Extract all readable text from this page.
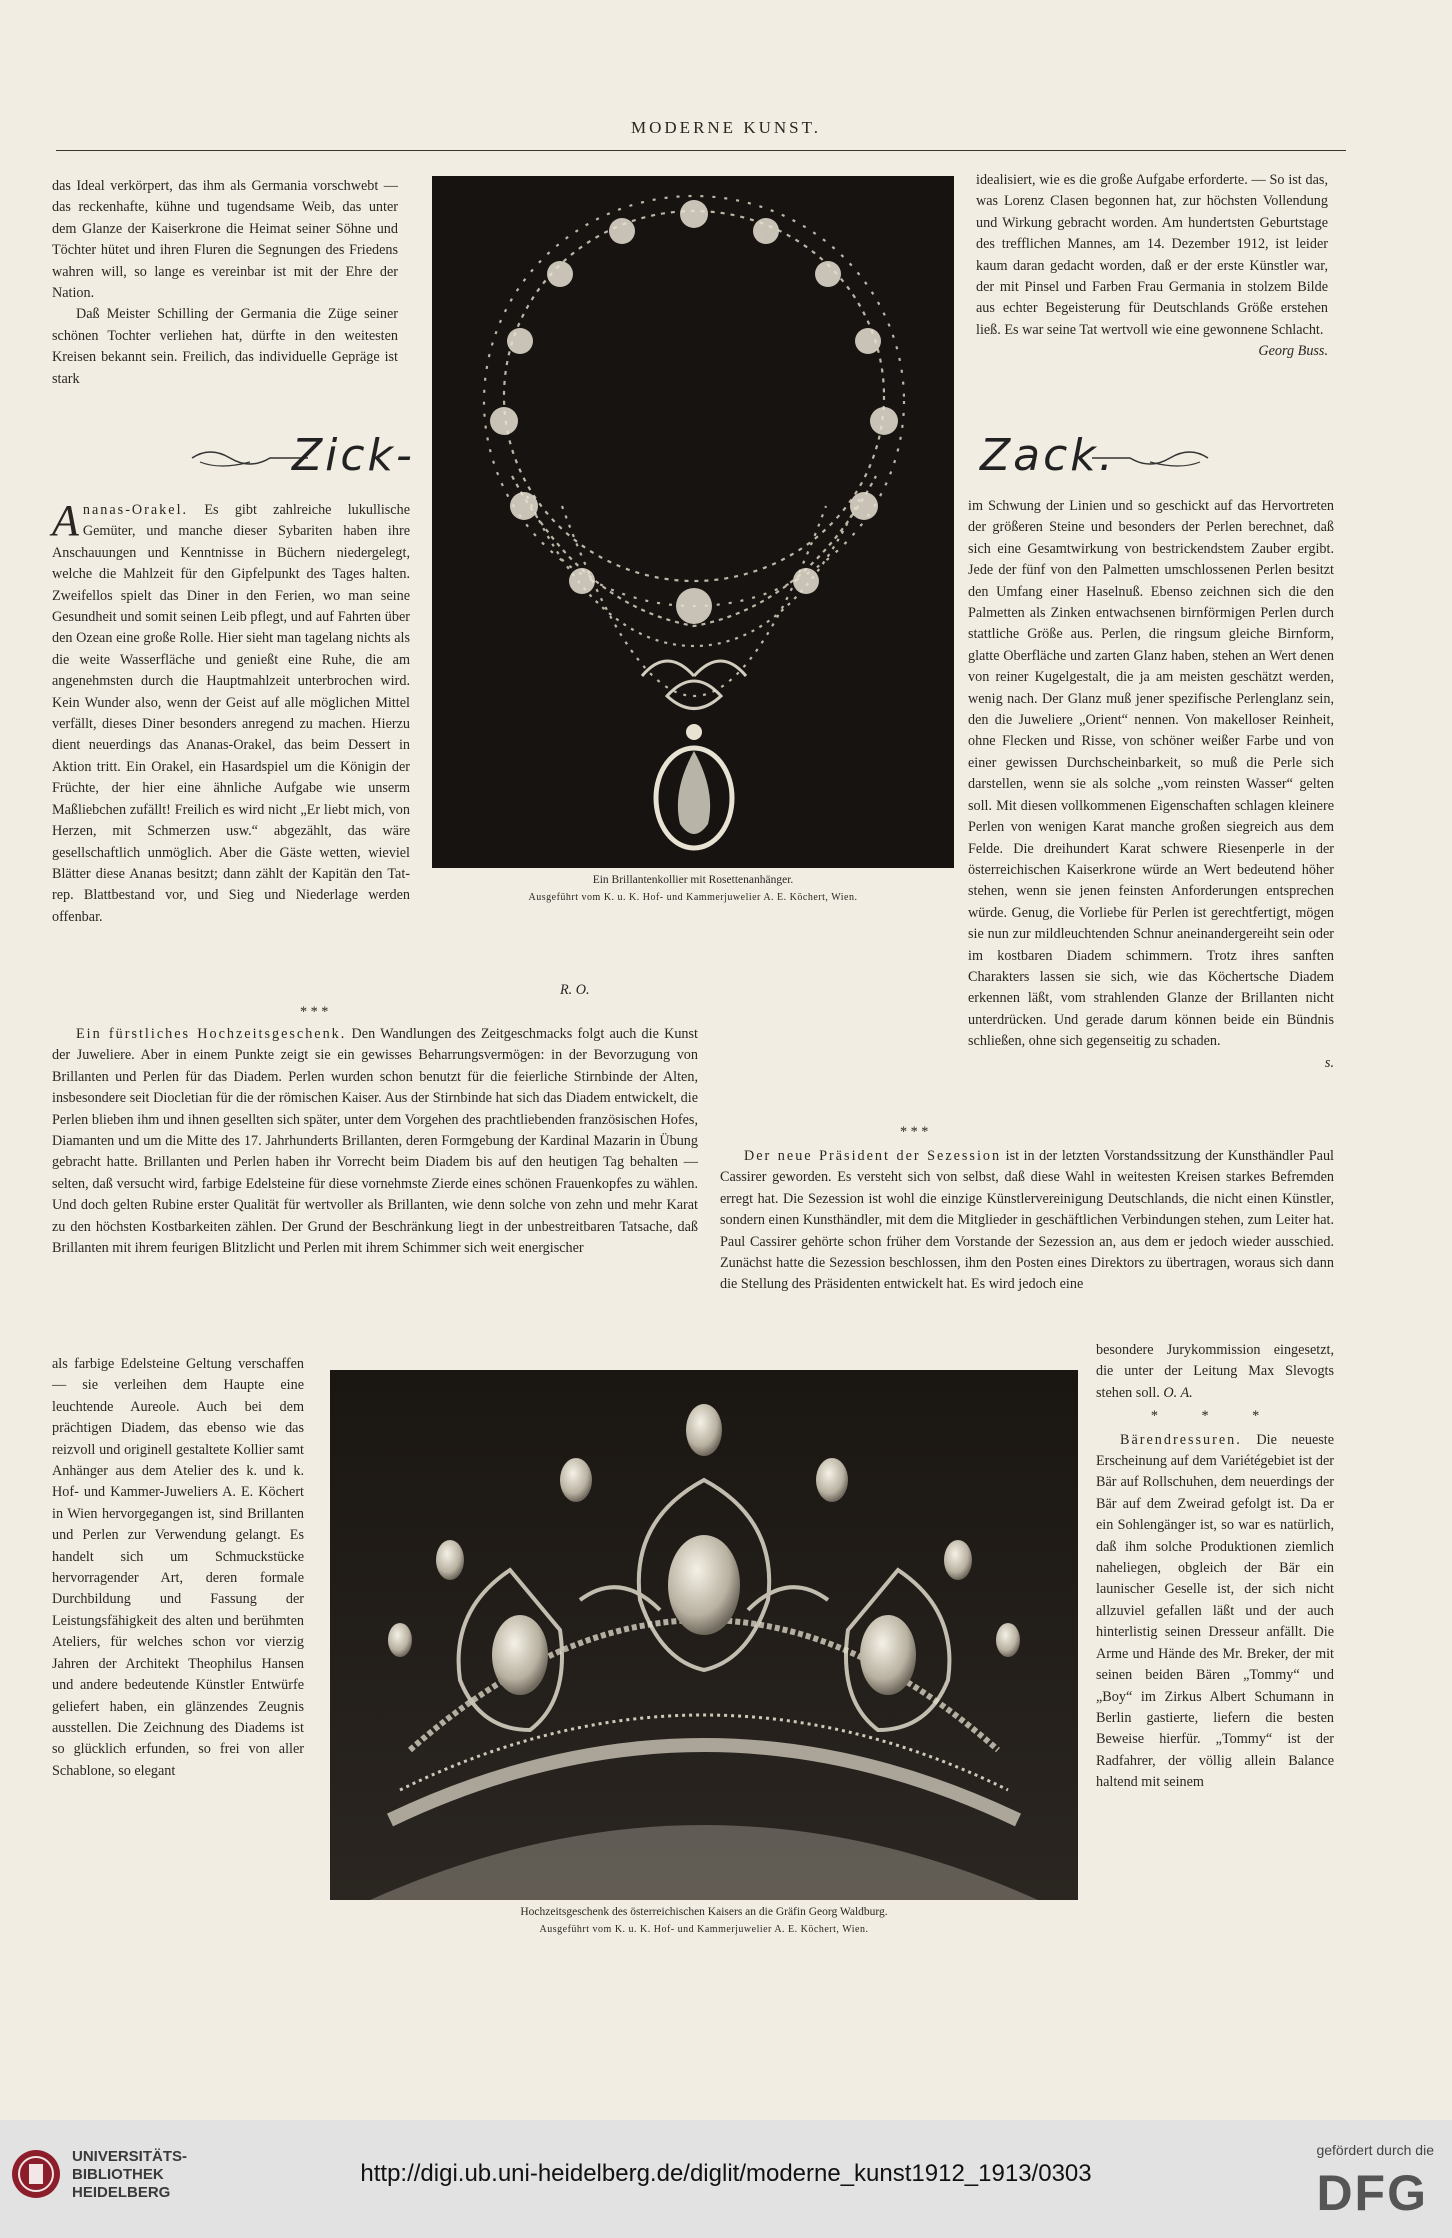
MODERNE KUNST.

das Ideal verkörpert, das ihm als Germania vorschwebt — das reckenhafte, kühne und tugendsame Weib, das unter dem Glanze der Kaiserkrone die Heimat seiner Söhne und Töchter hütet und ihren Fluren die Segnungen des Friedens wahren will, so lange es vereinbar ist mit der Ehre der Nation.

Daß Meister Schilling der Germania die Züge seiner schönen Tochter verliehen hat, dürfte in den weitesten Kreisen bekannt sein. Freilich, das individuelle Gepräge ist stark

idealisiert, wie es die große Aufgabe erforderte. — So ist das, was Lorenz Clasen begonnen hat, zur höchsten Vollendung und Wirkung gebracht worden. Am hundertsten Geburtstage des trefflichen Mannes, am 14. Dezember 1912, ist leider kaum daran gedacht worden, daß er der erste Künstler war, der mit Pinsel und Farben Frau Germania in stolzem Bilde aus echter Begeisterung für Deutschlands Größe erstehen ließ. Es war seine Tat wertvoll wie eine gewonnene Schlacht.

Georg Buss.

Zick-	Zack.

Ananas-Orakel. Es gibt zahlreiche lukullische Gemüter, und manche dieser Sybariten haben ihre Anschauungen und Kenntnisse in Büchern niedergelegt, welche die Mahlzeit für den Gipfelpunkt des Tages halten. Zweifellos spielt das Diner in den Ferien, wo man seine Gesundheit und somit seinen Leib pflegt, und auf Fahrten über den Ozean eine große Rolle. Hier sieht man tagelang nichts als die weite Wasserfläche und genießt eine Ruhe, die am angenehmsten durch die Hauptmahlzeit unterbrochen wird. Kein Wunder also, wenn der Geist auf alle möglichen Mittel verfällt, dieses Diner besonders anregend zu machen. Hierzu dient neuerdings das Ananas-Orakel, das beim Dessert in Aktion tritt. Ein Orakel, ein Hasardspiel um die Königin der Früchte, der hier eine ähnliche Aufgabe wie unserm Maßliebchen zufällt! Freilich es wird nicht „Er liebt mich, von Herzen, mit Schmerzen usw.“ abgezählt, das wäre gesellschaftlich unmöglich. Aber die Gäste wetten, wieviel Blätter diese Ananas besitzt; dann zählt der Kapitän den Tat- rep. Blattbestand vor, und Sieg und Niederlage werden offenbar.

R. O.
Ein Brillantenkollier mit Rosettenanhänger.
Ausgeführt vom K. u. K. Hof- und Kammerjuwelier A. E. Köchert, Wien.

im Schwung der Linien und so geschickt auf das Hervortreten der größeren Steine und besonders der Perlen berechnet, daß sich eine Gesamtwirkung von bestrickendstem Zauber ergibt. Jede der fünf von den Palmetten umschlossenen Perlen besitzt den Umfang einer Haselnuß. Ebenso zeichnen sich die den Palmetten als Zinken entwachsenen birnförmigen Perlen durch stattliche Größe aus. Perlen, die ringsum gleiche Birnform, glatte Oberfläche und zarten Glanz haben, stehen an Wert denen von reiner Kugelgestalt, die ja am meisten geschätzt werden, wenig nach. Der Glanz muß jener spezifische Perlenglanz sein, den die Juweliere „Orient“ nennen. Von makelloser Reinheit, ohne Flecken und Risse, von schöner weißer Farbe und von einer gewissen Durchscheinbarkeit, so muß die Perle sich darstellen, wenn sie als solche „vom reinsten Wasser“ gelten soll. Mit diesen vollkommenen Eigenschaften schlagen kleinere Perlen von wenigen Karat manche großen siegreich aus dem Felde. Die dreihundert Karat schwere Riesenperle in der österreichischen Kaiserkrone würde an Wert bedeutend höher stehen, wenn sie jenen feinsten Anforderungen entsprechen würde. Genug, die Vorliebe für Perlen ist gerechtfertigt, mögen sie nun zur mildleuchtenden Schnur aneinandergereiht sein oder im kostbaren Diadem schimmern. Trotz ihres sanften Charakters lassen sie sich, wie das Köchertsche Diadem erkennen läßt, vom strahlenden Glanze der Brillanten nicht unterdrücken. Und gerade darum können beide ein Bündnis schließen, ohne sich gegenseitig zu schaden.

s.

* * *

Ein fürstliches Hochzeitsgeschenk. Den Wandlungen des Zeitgeschmacks folgt auch die Kunst der Juweliere. Aber in einem Punkte zeigt sie ein gewisses Beharrungsvermögen: in der Bevorzugung von Brillanten und Perlen für das Diadem. Perlen wurden schon benutzt für die feierliche Stirnbinde der Alten, insbesondere seit Diocletian für die der römischen Kaiser. Aus der Stirnbinde hat sich das Diadem entwickelt, die Perlen blieben ihm und ihnen gesellten sich später, unter dem Vorgehen des prachtliebenden französischen Hofes, Diamanten und um die Mitte des 17. Jahrhunderts Brillanten, deren Formgebung der Kardinal Mazarin in Übung gebracht hatte. Brillanten und Perlen haben ihr Vorrecht beim Diadem bis auf den heutigen Tag behalten — selten, daß versucht wird, farbige Edelsteine für diese vornehmste Zierde eines schönen Frauenkopfes zu wählen. Und doch gelten Rubine erster Qualität für wertvoller als Brillanten, wie denn solche von zehn und mehr Karat zu den höchsten Kostbarkeiten zählen. Der Grund der Beschränkung liegt in der unbestreitbaren Tatsache, daß Brillanten mit ihrem feurigen Blitzlicht und Perlen mit ihrem Schimmer sich weit energischer

* * *

Der neue Präsident der Sezession ist in der letzten Vorstandssitzung der Kunsthändler Paul Cassirer geworden. Es versteht sich von selbst, daß diese Wahl in weitesten Kreisen starkes Befremden erregt hat. Die Sezession ist wohl die einzige Künstlervereinigung Deutschlands, die nicht einen Künstler, sondern einen Kunsthändler, mit dem die Mitglieder in geschäftlichen Verbindungen stehen, zum Leiter hat. Paul Cassirer gehörte schon früher dem Vorstande der Sezession an, aus dem er jedoch wieder ausschied. Zunächst hatte die Sezession beschlossen, ihm den Posten eines Direktors zu übertragen, woraus sich dann die Stellung des Präsidenten entwickelt hat. Es wird jedoch eine

besondere Jurykommission eingesetzt, die unter der Leitung Max Slevogts stehen soll. O. A.

* * *

Bärendressuren. Die neueste Erscheinung auf dem Variétégebiet ist der Bär auf Rollschuhen, dem neuerdings der Bär auf dem Zweirad gefolgt ist. Da er ein Sohlengänger ist, so war es natürlich, daß ihm solche Produktionen ziemlich naheliegen, obgleich der Bär ein launischer Geselle ist, der sich nicht allzuviel gefallen läßt und der auch hinterlistig seinen Dresseur anfällt. Die Arme und Hände des Mr. Breker, der mit seinen beiden Bären „Tommy“ und „Boy“ im Zirkus Albert Schumann in Berlin gastierte, liefern die besten Beweise hierfür. „Tommy“ ist der Radfahrer, der völlig allein Balance haltend mit seinem

als farbige Edelsteine Geltung verschaffen — sie verleihen dem Haupte eine leuchtende Aureole. Auch bei dem prächtigen Diadem, das ebenso wie das reizvoll und originell gestaltete Kollier samt Anhänger aus dem Atelier des k. und k. Hof- und Kammer-Juweliers A. E. Köchert in Wien hervorgegangen ist, sind Brillanten und Perlen zur Verwendung gelangt. Es handelt sich um Schmuckstücke hervorragender Art, deren formale Durchbildung und Fassung der Leistungsfähigkeit des alten und berühmten Ateliers, für welches schon vor vierzig Jahren der Architekt Theophilus Hansen und andere bedeutende Künstler Entwürfe geliefert haben, ein glänzendes Zeugnis ausstellen. Die Zeichnung des Diadems ist so glücklich erfunden, so frei von aller Schablone, so elegant

Hochzeitsgeschenk des österreichischen Kaisers an die Gräfin Georg Waldburg.
Ausgeführt vom K. u. K. Hof- und Kammerjuwelier A. E. Köchert, Wien.
UNIVERSITÄTS-
BIBLIOTHEK
HEIDELBERG
http://digi.ub.uni-heidelberg.de/diglit/moderne_kunst1912_1913/0303
gefördert durch die
DFG
